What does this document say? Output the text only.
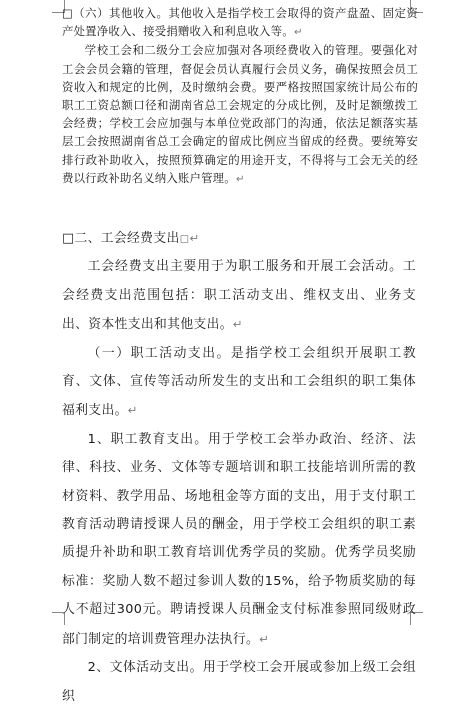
□（六）其他收入。其他收入是指学校工会取得的资产盘盈、固定资产处置净收入、接受捐赠收入和利息收入等。↵

学校工会和二级分工会应加强对各项经费收入的管理。要强化对工会会员会籍的管理，督促会员认真履行会员义务，确保按照会员工资收入和规定的比例，及时缴纳会费。要严格按照国家统计局公布的职工工资总额口径和湖南省总工会规定的分成比例，及时足额缴拨工会经费；学校工会应加强与本单位党政部门的沟通，依法足额落实基层工会按照湖南省总工会确定的留成比例应当留成的经费。要统筹安排行政补助收入，按照预算确定的用途开支，不得将与工会无关的经费以行政补助名义纳入账户管理。↵

□二、工会经费支出◻↵

工会经费支出主要用于为职工服务和开展工会活动。工会经费支出范围包括：职工活动支出、维权支出、业务支出、资本性支出和其他支出。↵

（一）职工活动支出。是指学校工会组织开展职工教育、文体、宣传等活动所发生的支出和工会组织的职工集体福利支出。↵

1、职工教育支出。用于学校工会举办政治、经济、法律、科技、业务、文体等专题培训和职工技能培训所需的教材资料、教学用品、场地租金等方面的支出，用于支付职工教育活动聘请授课人员的酬金，用于学校工会组织的职工素质提升补助和职工教育培训优秀学员的奖励。优秀学员奖励标准：奖励人数不超过参训人数的15%，给予物质奖励的每人不超过300元。聘请授课人员酬金支付标准参照同级财政部门制定的培训费管理办法执行。↵

2、文体活动支出。用于学校工会开展或参加上级工会组织
